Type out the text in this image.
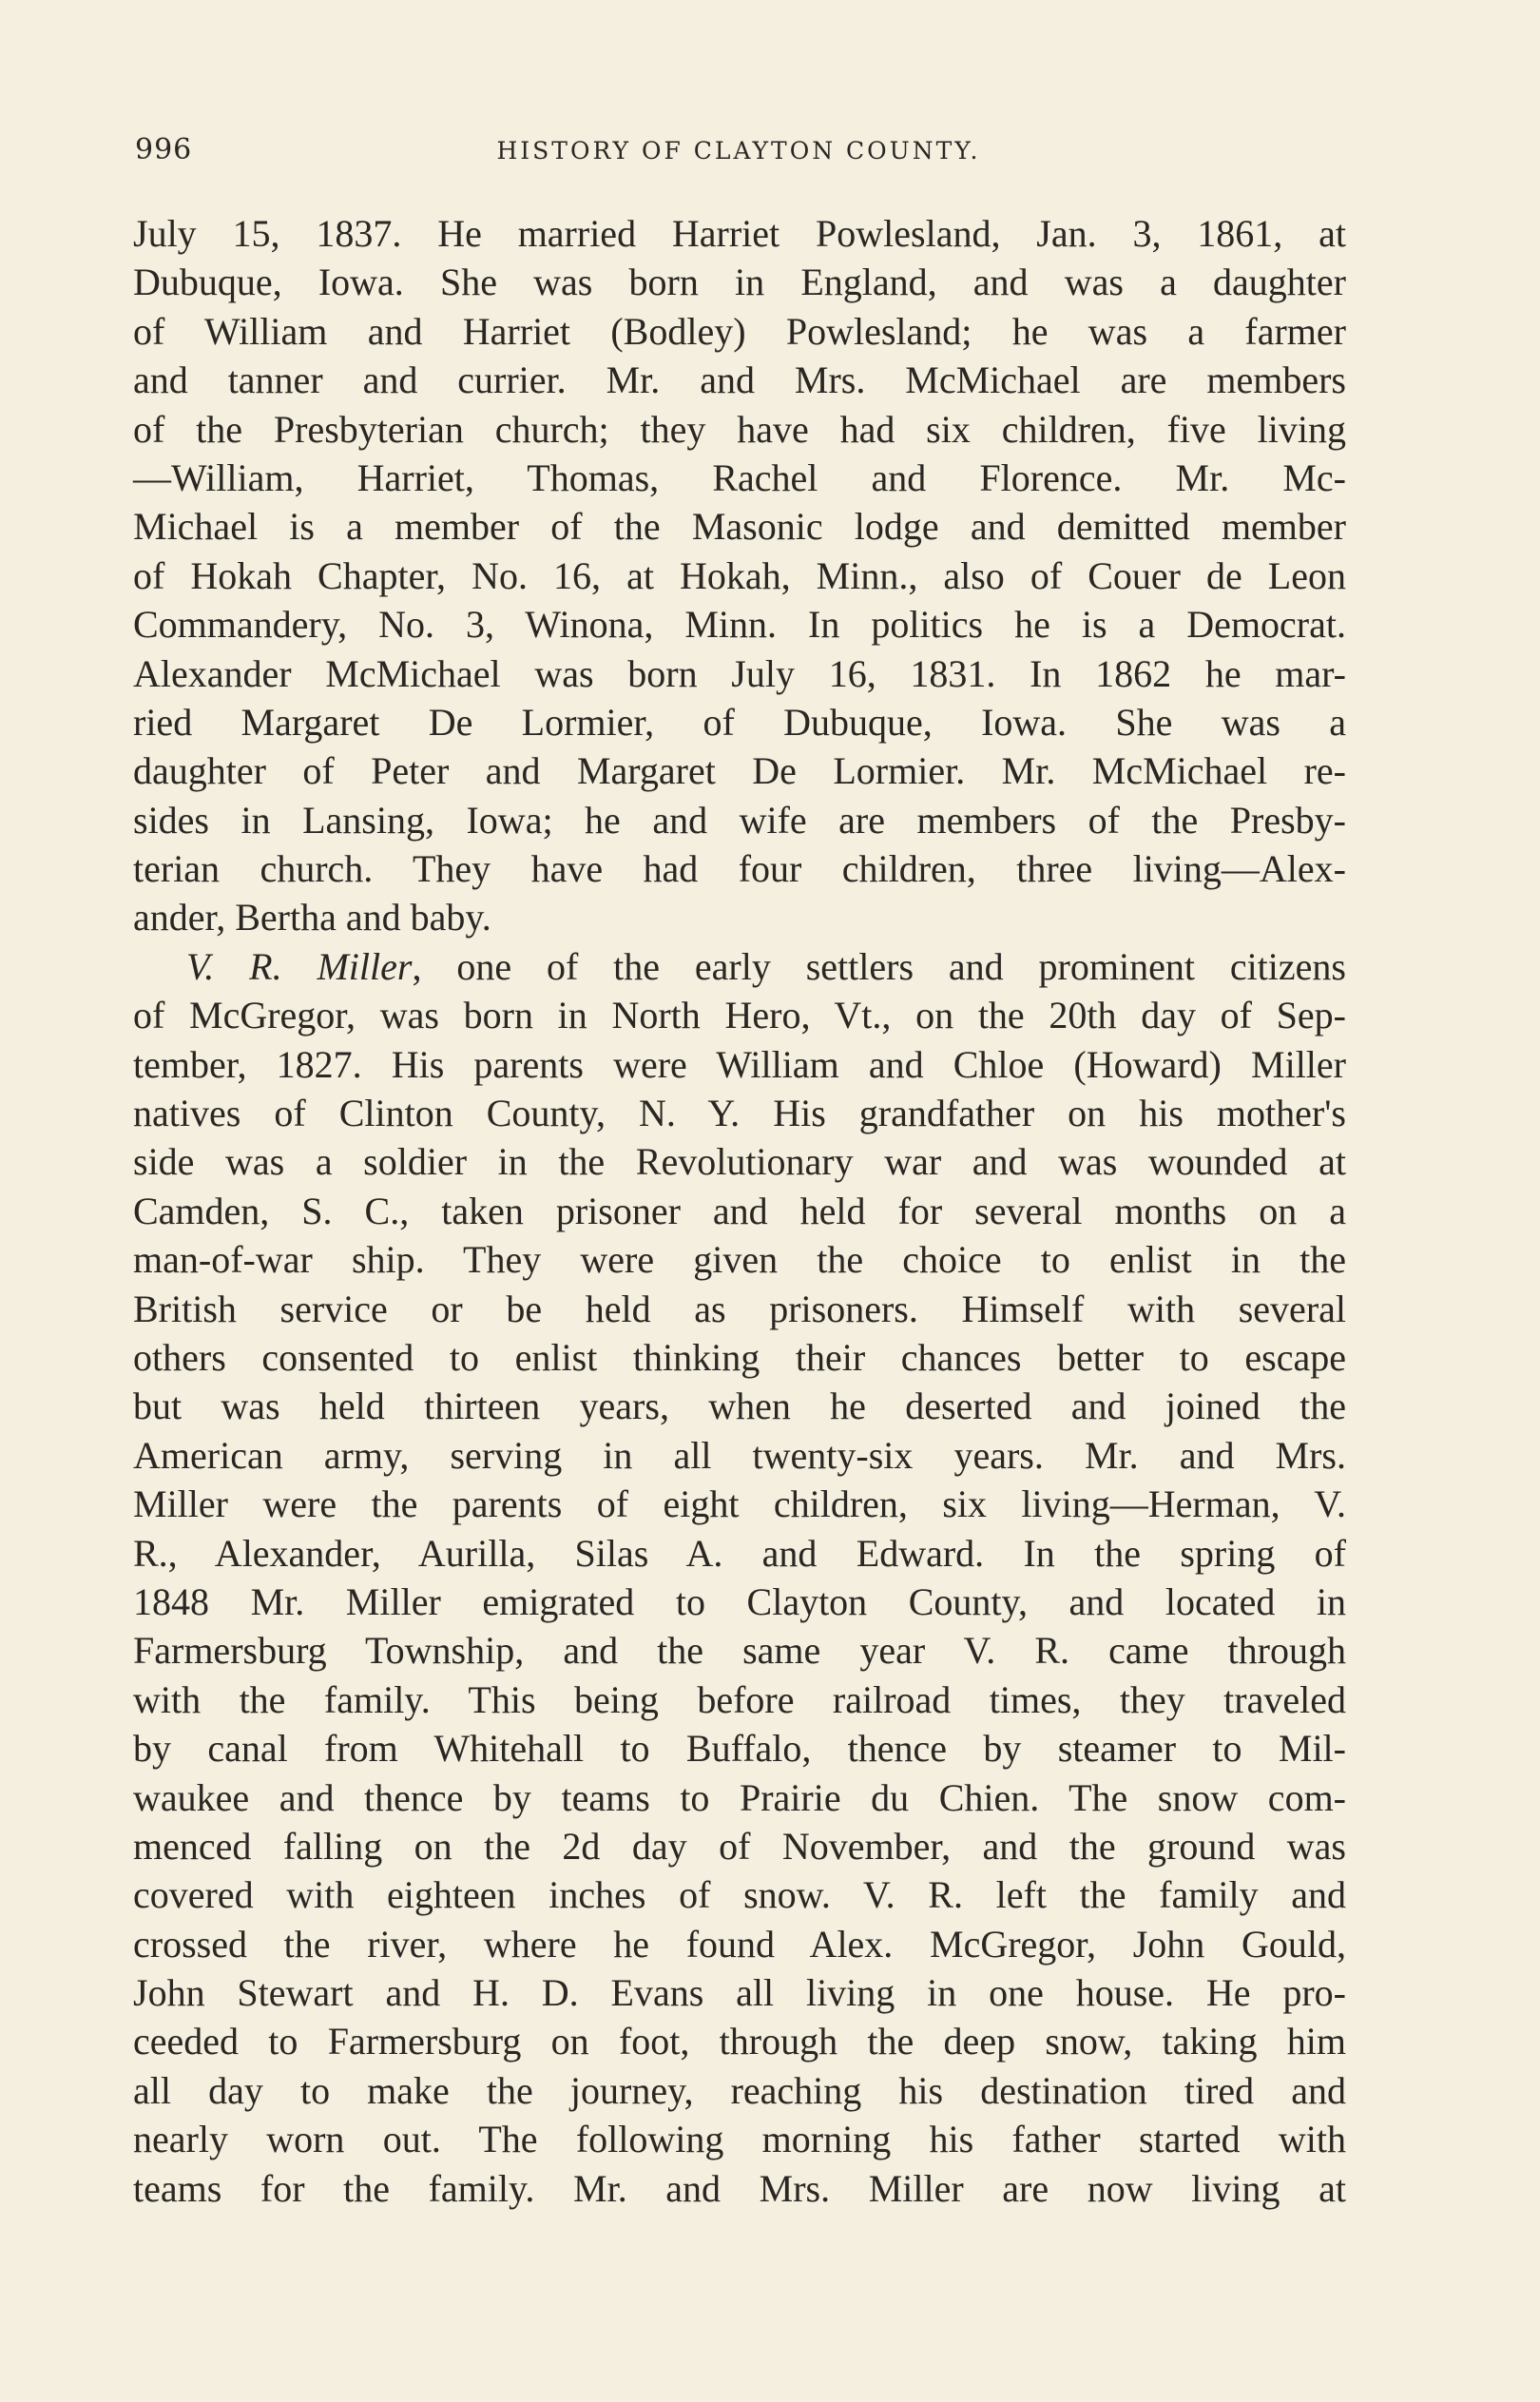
996	HISTORY OF CLAYTON COUNTY.
July 15, 1837. He married Harriet Powlesland, Jan. 3, 1861, at
Dubuque, Iowa. She was born in England, and was a daughter
of William and Harriet (Bodley) Powlesland; he was a farmer
and tanner and currier. Mr. and Mrs. McMichael are members
of the Presbyterian church; they have had six children, five living
—William, Harriet, Thomas, Rachel and Florence. Mr. Mc-
Michael is a member of the Masonic lodge and demitted member
of Hokah Chapter, No. 16, at Hokah, Minn., also of Couer de Leon
Commandery, No. 3, Winona, Minn. In politics he is a Democrat.
Alexander McMichael was born July 16, 1831. In 1862 he mar-
ried Margaret De Lormier, of Dubuque, Iowa. She was a
daughter of Peter and Margaret De Lormier. Mr. McMichael re-
sides in Lansing, Iowa; he and wife are members of the Presby-
terian church. They have had four children, three living—Alex-
ander, Bertha and baby.
V. R. Miller, one of the early settlers and prominent citizens
of McGregor, was born in North Hero, Vt., on the 20th day of Sep-
tember, 1827. His parents were William and Chloe (Howard) Miller
natives of Clinton County, N. Y. His grandfather on his mother's
side was a soldier in the Revolutionary war and was wounded at
Camden, S. C., taken prisoner and held for several months on a
man-of-war ship. They were given the choice to enlist in the
British service or be held as prisoners. Himself with several
others consented to enlist thinking their chances better to escape
but was held thirteen years, when he deserted and joined the
American army, serving in all twenty-six years. Mr. and Mrs.
Miller were the parents of eight children, six living—Herman, V.
R., Alexander, Aurilla, Silas A. and Edward. In the spring of
1848 Mr. Miller emigrated to Clayton County, and located in
Farmersburg Township, and the same year V. R. came through
with the family. This being before railroad times, they traveled
by canal from Whitehall to Buffalo, thence by steamer to Mil-
waukee and thence by teams to Prairie du Chien. The snow com-
menced falling on the 2d day of November, and the ground was
covered with eighteen inches of snow. V. R. left the family and
crossed the river, where he found Alex. McGregor, John Gould,
John Stewart and H. D. Evans all living in one house. He pro-
ceeded to Farmersburg on foot, through the deep snow, taking him
all day to make the journey, reaching his destination tired and
nearly worn out. The following morning his father started with
teams for the family. Mr. and Mrs. Miller are now living at
